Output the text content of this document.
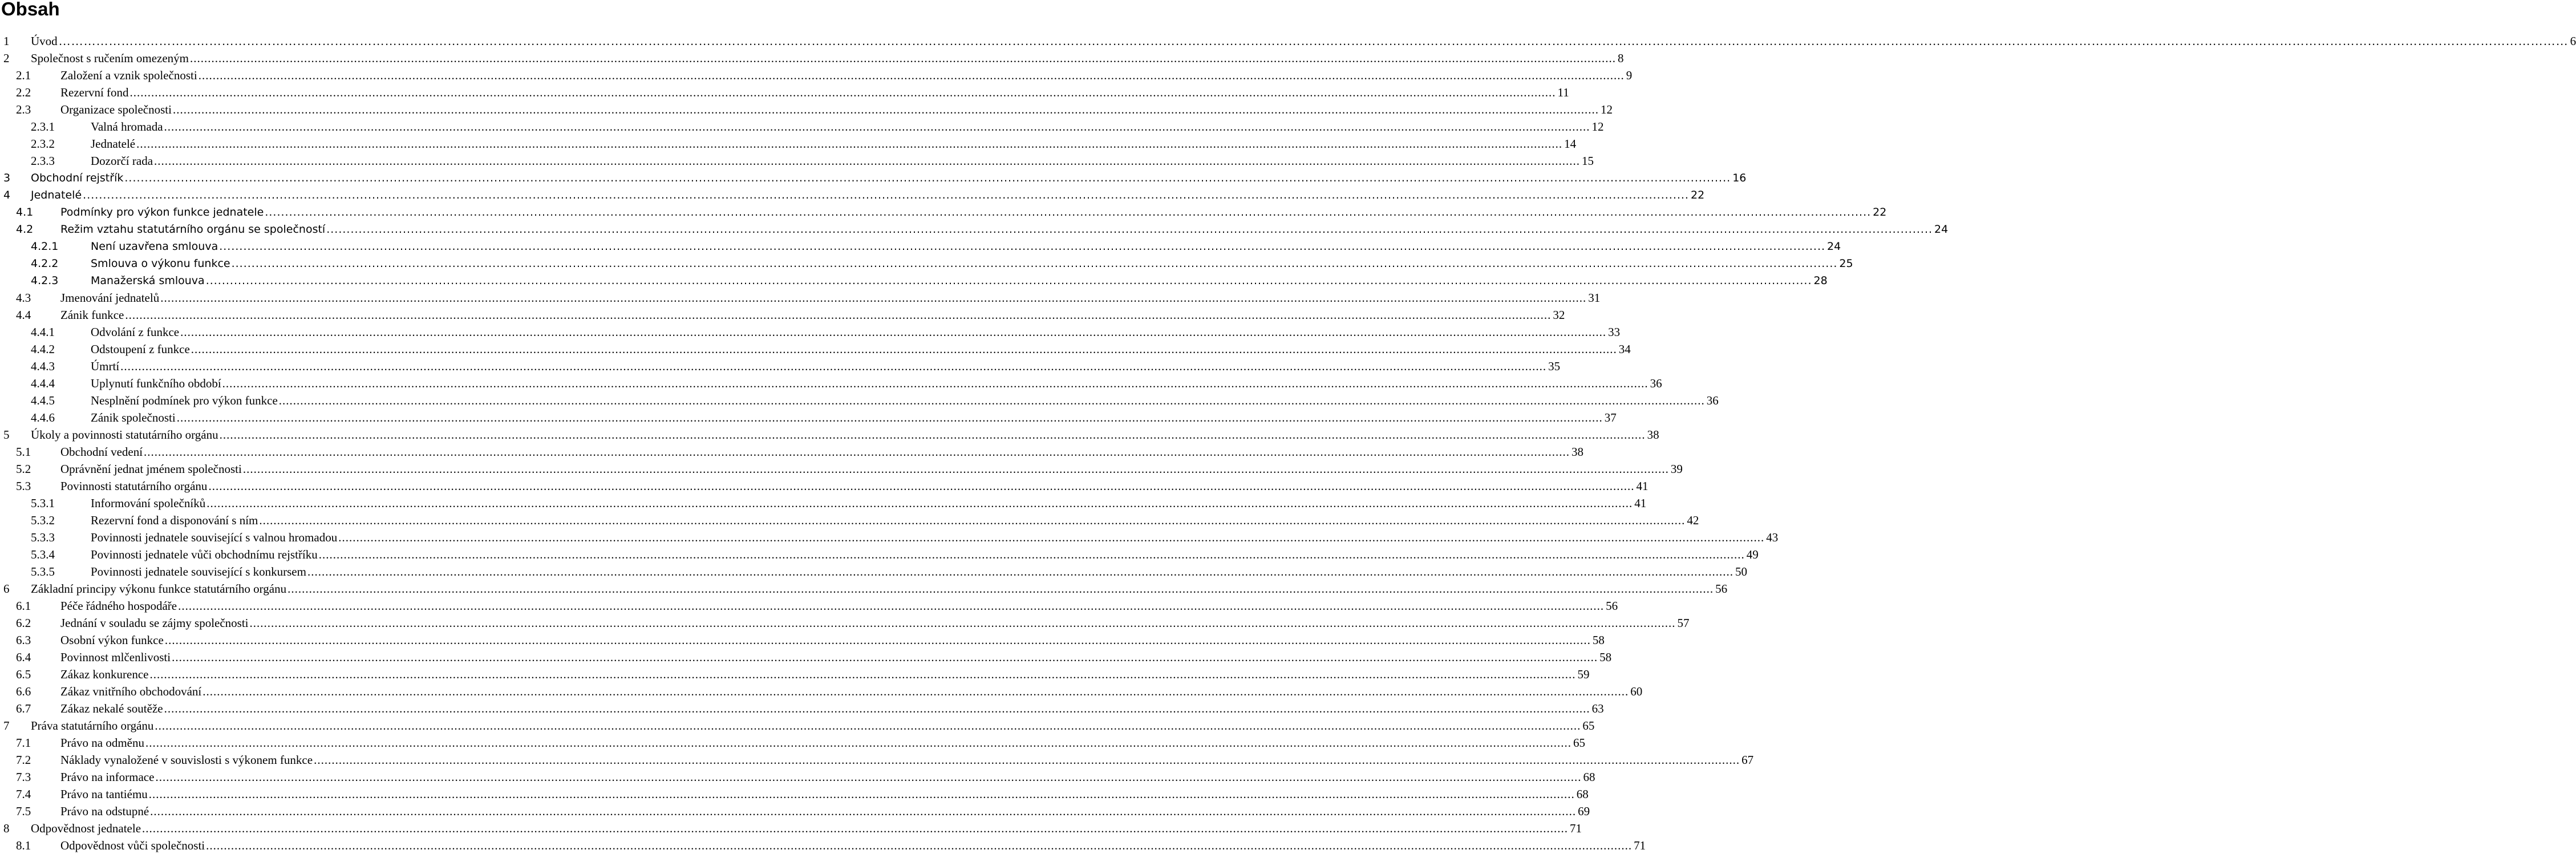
Obsah
1 Úvod …………………………………………………………………………………………………………………………………………………………………………………………………………………………………………………………………………………………………………………………………………………………………………………………………………………………………………………………………………………………………………………………………………………… 6
2 Společnost s ručením omezeným ................................................................................................................................................................................................................................................................................................................................................................................................................ 8
2.1 Založení a vznik společnosti ................................................................................................................................................................................................................................................................................................................................................................................................................ 9
2.2 Rezervní fond ................................................................................................................................................................................................................................................................................................................................................................................................................ 11
2.3 Organizace společnosti ................................................................................................................................................................................................................................................................................................................................................................................................................ 12
2.3.1	Valná hromada ................................................................................................................................................................................................................................................................................................................................................................................................................ 12
2.3.2	Jednatelé ................................................................................................................................................................................................................................................................................................................................................................................................................ 14
2.3.3	Dozorčí rada ................................................................................................................................................................................................................................................................................................................................................................................................................ 15
3 Obchodní rejstřík ................................................................................................................................................................................................................................................................................................................................................................................................................ 16
4 Jednatelé ................................................................................................................................................................................................................................................................................................................................................................................................................ 22
4.1	Podmínky pro výkon funkce jednatele ................................................................................................................................................................................................................................................................................................................................................................................................................ 22
4.2	Režim vztahu statutárního orgánu se společností ................................................................................................................................................................................................................................................................................................................................................................................................................ 24
4.2.1	Není uzavřena smlouva ................................................................................................................................................................................................................................................................................................................................................................................................................ 24
4.2.2	Smlouva o výkonu funkce ................................................................................................................................................................................................................................................................................................................................................................................................................ 25
4.2.3	Manažerská smlouva ................................................................................................................................................................................................................................................................................................................................................................................................................ 28
4.3 Jmenování jednatelů ................................................................................................................................................................................................................................................................................................................................................................................................................ 31
4.4 Zánik funkce ................................................................................................................................................................................................................................................................................................................................................................................................................ 32
4.4.1	Odvolání z funkce ................................................................................................................................................................................................................................................................................................................................................................................................................ 33
4.4.2	Odstoupení z funkce ................................................................................................................................................................................................................................................................................................................................................................................................................ 34
4.4.3	Úmrtí ................................................................................................................................................................................................................................................................................................................................................................................................................ 35
4.4.4	Uplynutí funkčního období ................................................................................................................................................................................................................................................................................................................................................................................................................ 36
4.4.5	Nesplnění podmínek pro výkon funkce ................................................................................................................................................................................................................................................................................................................................................................................................................ 36
4.4.6	Zánik společnosti ................................................................................................................................................................................................................................................................................................................................................................................................................ 37
5 Úkoly a povinnosti statutárního orgánu ................................................................................................................................................................................................................................................................................................................................................................................................................ 38
5.1 Obchodní vedení ................................................................................................................................................................................................................................................................................................................................................................................................................ 38
5.2 Oprávnění jednat jménem společnosti ................................................................................................................................................................................................................................................................................................................................................................................................................ 39
5.3 Povinnosti statutárního orgánu ................................................................................................................................................................................................................................................................................................................................................................................................................ 41
5.3.1	Informování společníků ................................................................................................................................................................................................................................................................................................................................................................................................................ 41
5.3.2	Rezervní fond a disponování s ním ................................................................................................................................................................................................................................................................................................................................................................................................................ 42
5.3.3	Povinnosti jednatele související s valnou hromadou ................................................................................................................................................................................................................................................................................................................................................................................................................ 43
5.3.4	Povinnosti jednatele vůči obchodnímu rejstříku ................................................................................................................................................................................................................................................................................................................................................................................................................ 49
5.3.5	Povinnosti jednatele související s konkursem ................................................................................................................................................................................................................................................................................................................................................................................................................ 50
6 Základní principy výkonu funkce statutárního orgánu ................................................................................................................................................................................................................................................................................................................................................................................................................ 56
6.1 Péče řádného hospodáře ................................................................................................................................................................................................................................................................................................................................................................................................................ 56
6.2 Jednání v souladu se zájmy společnosti ................................................................................................................................................................................................................................................................................................................................................................................................................ 57
6.3 Osobní výkon funkce ................................................................................................................................................................................................................................................................................................................................................................................................................ 58
6.4 Povinnost mlčenlivosti ................................................................................................................................................................................................................................................................................................................................................................................................................ 58
6.5 Zákaz konkurence ................................................................................................................................................................................................................................................................................................................................................................................................................ 59
6.6 Zákaz vnitřního obchodování ................................................................................................................................................................................................................................................................................................................................................................................................................ 60
6.7 Zákaz nekalé soutěže ................................................................................................................................................................................................................................................................................................................................................................................................................ 63
7 Práva statutárního orgánu ................................................................................................................................................................................................................................................................................................................................................................................................................ 65
7.1 Právo na odměnu ................................................................................................................................................................................................................................................................................................................................................................................................................ 65
7.2 Náklady vynaložené v souvislosti s výkonem funkce ................................................................................................................................................................................................................................................................................................................................................................................................................ 67
7.3 Právo na informace ................................................................................................................................................................................................................................................................................................................................................................................................................ 68
7.4 Právo na tantiému ................................................................................................................................................................................................................................................................................................................................................................................................................ 68
7.5 Právo na odstupné ................................................................................................................................................................................................................................................................................................................................................................................................................ 69
8 Odpovědnost jednatele ................................................................................................................................................................................................................................................................................................................................................................................................................ 71
8.1 Odpovědnost vůči společnosti ................................................................................................................................................................................................................................................................................................................................................................................................................ 71
